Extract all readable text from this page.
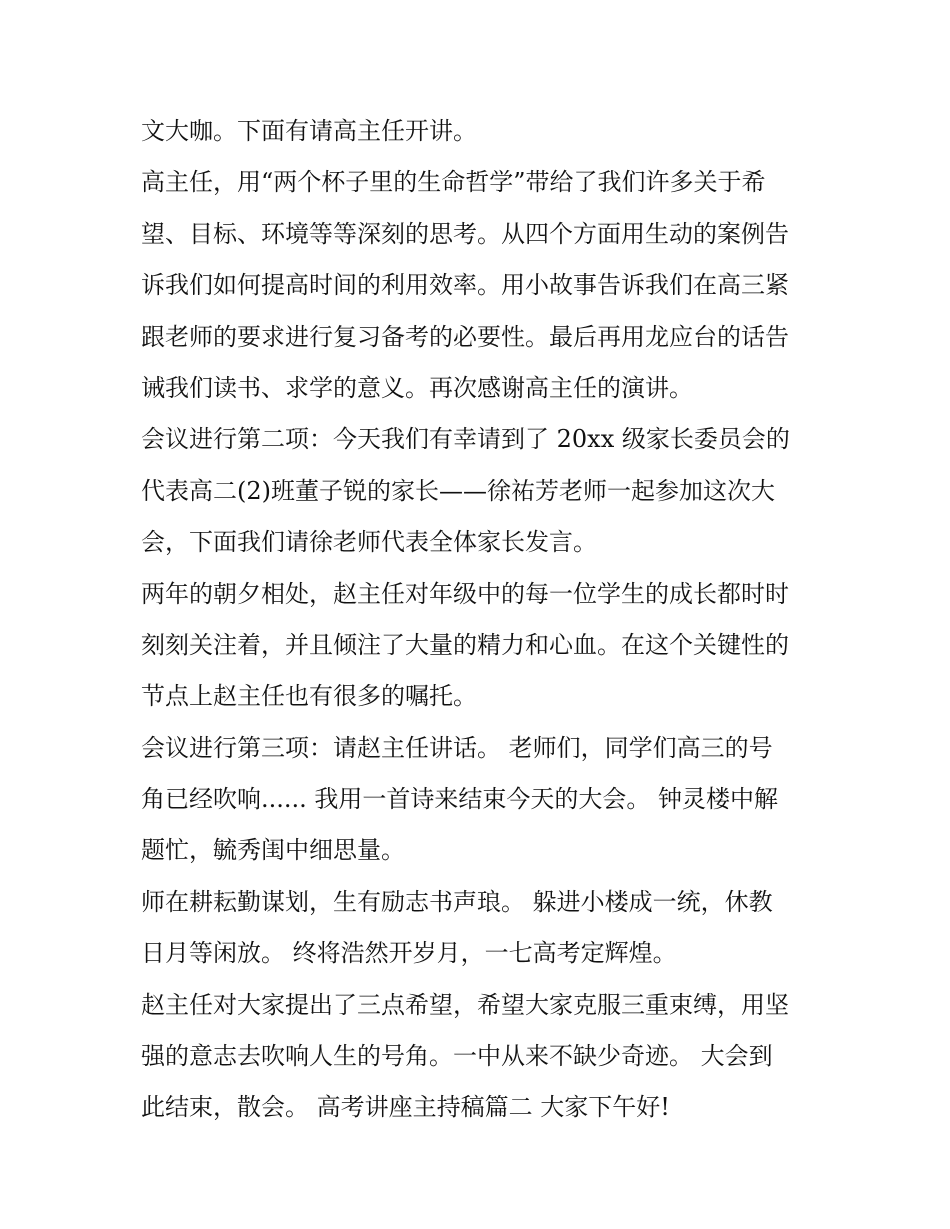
文大咖。下面有请高主任开讲。
高主任，用“两个杯子里的生命哲学”带给了我们许多关于希
望、目标、环境等等深刻的思考。从四个方面用生动的案例告
诉我们如何提高时间的利用效率。用小故事告诉我们在高三紧
跟老师的要求进行复习备考的必要性。最后再用龙应台的话告
诫我们读书、求学的意义。再次感谢高主任的演讲。
会议进行第二项：今天我们有幸请到了 20xx 级家长委员会的
代表高二(2)班董子锐的家长——徐祐芳老师一起参加这次大
会，下面我们请徐老师代表全体家长发言。
两年的朝夕相处，赵主任对年级中的每一位学生的成长都时时
刻刻关注着，并且倾注了大量的精力和心血。在这个关键性的
节点上赵主任也有很多的嘱托。
会议进行第三项：请赵主任讲话。 老师们，同学们高三的号
角已经吹响...... 我用一首诗来结束今天的大会。 钟灵楼中解
题忙，毓秀闺中细思量。
师在耕耘勤谋划，生有励志书声琅。 躲进小楼成一统，休教
日月等闲放。 终将浩然开岁月，一七高考定辉煌。
赵主任对大家提出了三点希望，希望大家克服三重束缚，用坚
强的意志去吹响人生的号角。一中从来不缺少奇迹。 大会到
此结束，散会。 高考讲座主持稿篇二 大家下午好!
